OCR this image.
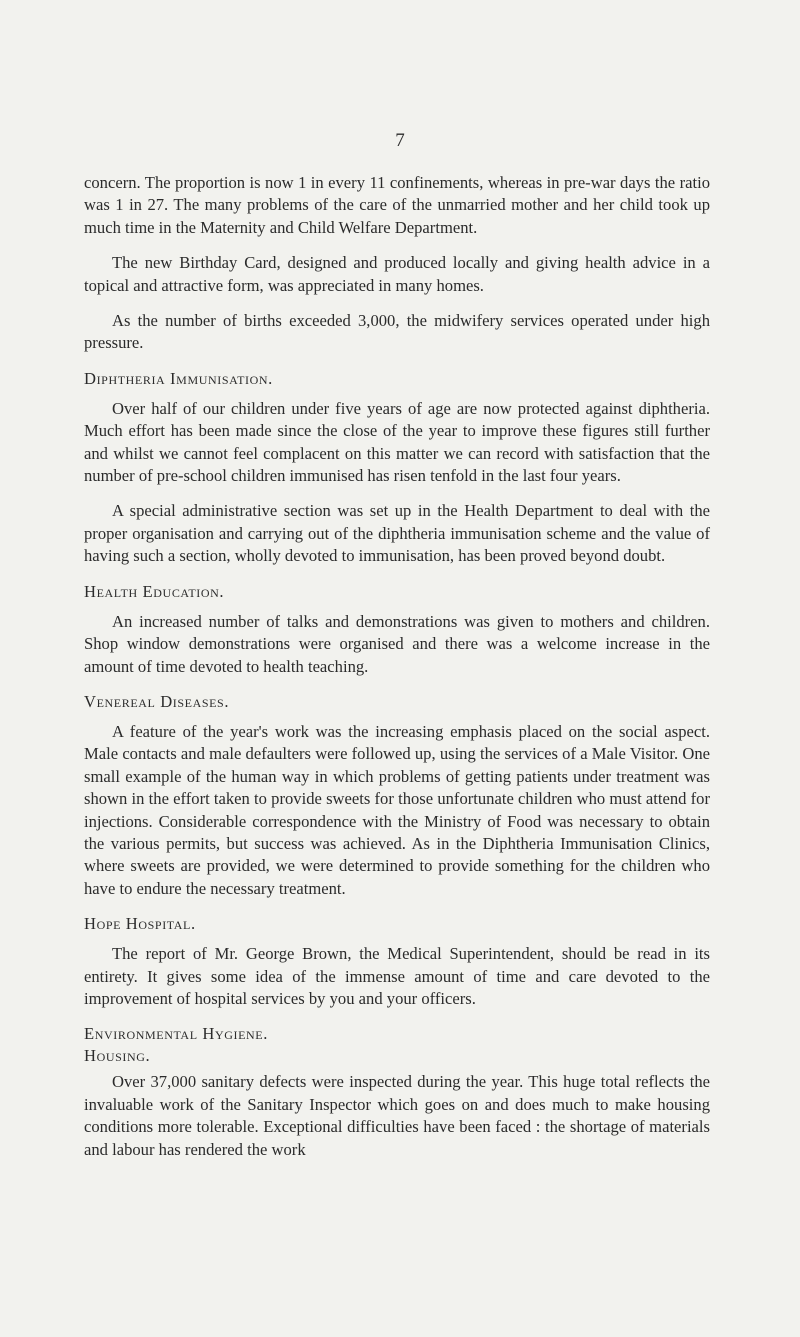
7

concern. The proportion is now 1 in every 11 confinements, whereas in pre-war days the ratio was 1 in 27. The many problems of the care of the unmarried mother and her child took up much time in the Maternity and Child Welfare Department.

The new Birthday Card, designed and produced locally and giving health advice in a topical and attractive form, was appreciated in many homes.

As the number of births exceeded 3,000, the midwifery services operated under high pressure.

Diphtheria Immunisation.

Over half of our children under five years of age are now protected against diphtheria. Much effort has been made since the close of the year to improve these figures still further and whilst we cannot feel complacent on this matter we can record with satisfaction that the number of pre-school children immunised has risen tenfold in the last four years.

A special administrative section was set up in the Health Department to deal with the proper organisation and carrying out of the diphtheria immunisation scheme and the value of having such a section, wholly devoted to immunisation, has been proved beyond doubt.

Health Education.

An increased number of talks and demonstrations was given to mothers and children. Shop window demonstrations were organised and there was a welcome increase in the amount of time devoted to health teaching.

Venereal Diseases.

A feature of the year's work was the increasing emphasis placed on the social aspect. Male contacts and male defaulters were followed up, using the services of a Male Visitor. One small example of the human way in which problems of getting patients under treatment was shown in the effort taken to provide sweets for those unfortunate children who must attend for injections. Considerable correspondence with the Ministry of Food was necessary to obtain the various permits, but success was achieved. As in the Diphtheria Immunisation Clinics, where sweets are provided, we were determined to provide something for the children who have to endure the necessary treatment.

Hope Hospital.

The report of Mr. George Brown, the Medical Superintendent, should be read in its entirety. It gives some idea of the immense amount of time and care devoted to the improvement of hospital services by you and your officers.

Environmental Hygiene.
Housing.

Over 37,000 sanitary defects were inspected during the year. This huge total reflects the invaluable work of the Sanitary Inspector which goes on and does much to make housing conditions more tolerable. Exceptional difficulties have been faced : the shortage of materials and labour has rendered the work
